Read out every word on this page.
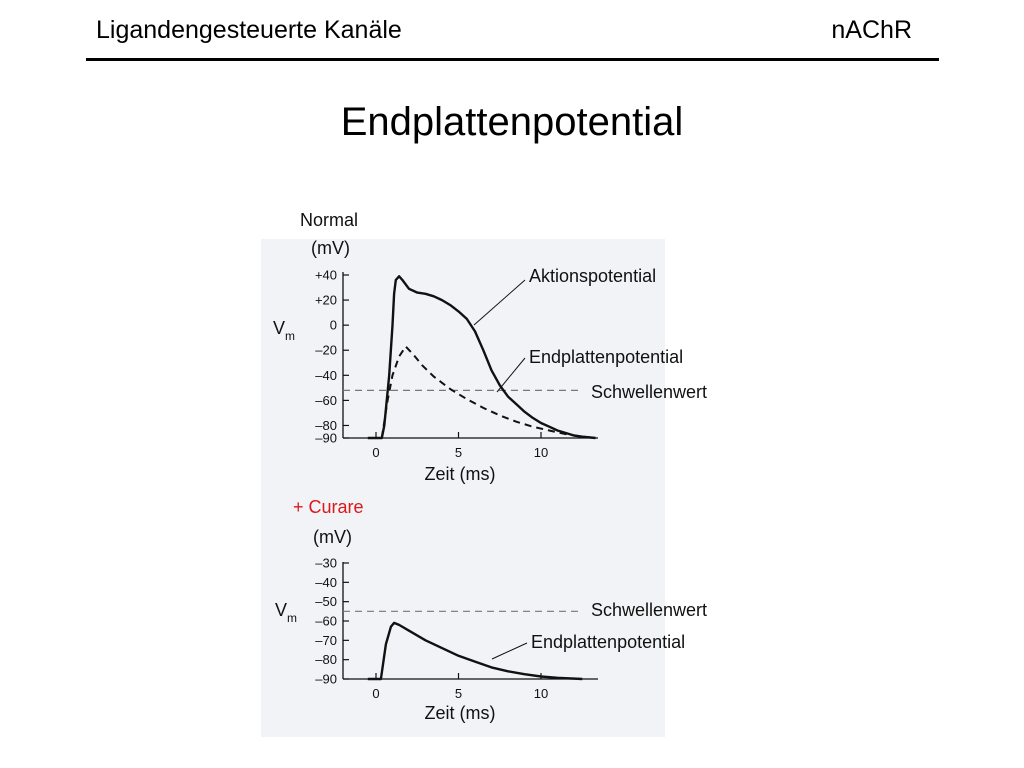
Ligandengesteuerte Kanäle	nAChR
Endplattenpotential
Normal
(mV)
$V_m$
+40
+20
0
–20
–40
–60
–80
–90
0	5	10
Zeit (ms)
Aktionspotential
Endplattenpotential
Schwellenwert
+ Curare
(mV)
$V_m$
–30
–40
–50
–60
–70
–80
–90
0	5	10
Zeit (ms)
Endplattenpotential
Schwellenwert
